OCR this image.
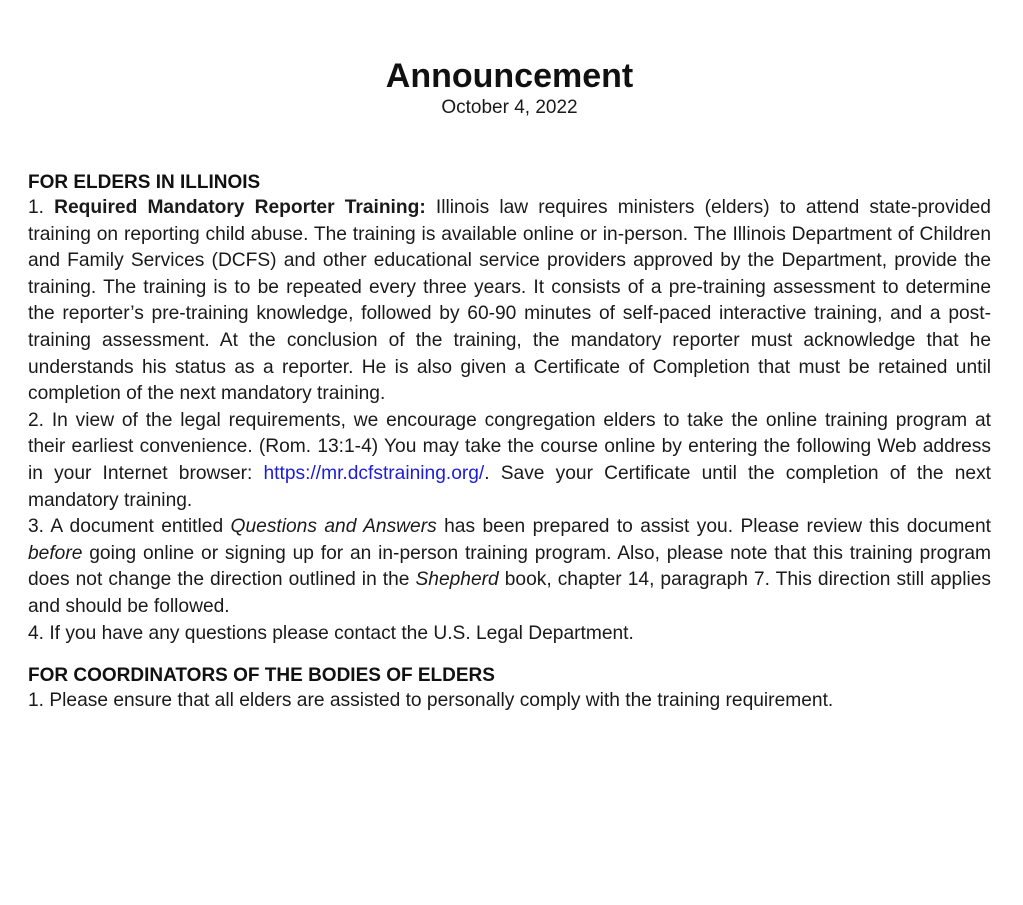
Announcement
October 4, 2022
FOR ELDERS IN ILLINOIS

1. Required Mandatory Reporter Training: Illinois law requires ministers (elders) to attend state-provided training on reporting child abuse. The training is available online or in-person. The Illinois Department of Children and Family Services (DCFS) and other educational service providers approved by the Department, provide the training. The training is to be repeated every three years. It consists of a pre-training assessment to determine the reporter’s pre-training knowledge, followed by 60-90 minutes of self-paced interactive training, and a post-training assessment. At the conclusion of the training, the mandatory reporter must acknowledge that he understands his status as a reporter. He is also given a Certificate of Completion that must be retained until completion of the next mandatory training.

2. In view of the legal requirements, we encourage congregation elders to take the online training program at their earliest convenience. (Rom. 13:1-4) You may take the course online by entering the following Web address in your Internet browser: https://mr.dcfstraining.org/. Save your Certificate until the completion of the next mandatory training.

3. A document entitled Questions and Answers has been prepared to assist you. Please review this document before going online or signing up for an in-person training program. Also, please note that this training program does not change the direction outlined in the Shepherd book, chapter 14, paragraph 7. This direction still applies and should be followed.

4. If you have any questions please contact the U.S. Legal Department.

FOR COORDINATORS OF THE BODIES OF ELDERS

1. Please ensure that all elders are assisted to personally comply with the training requirement.
